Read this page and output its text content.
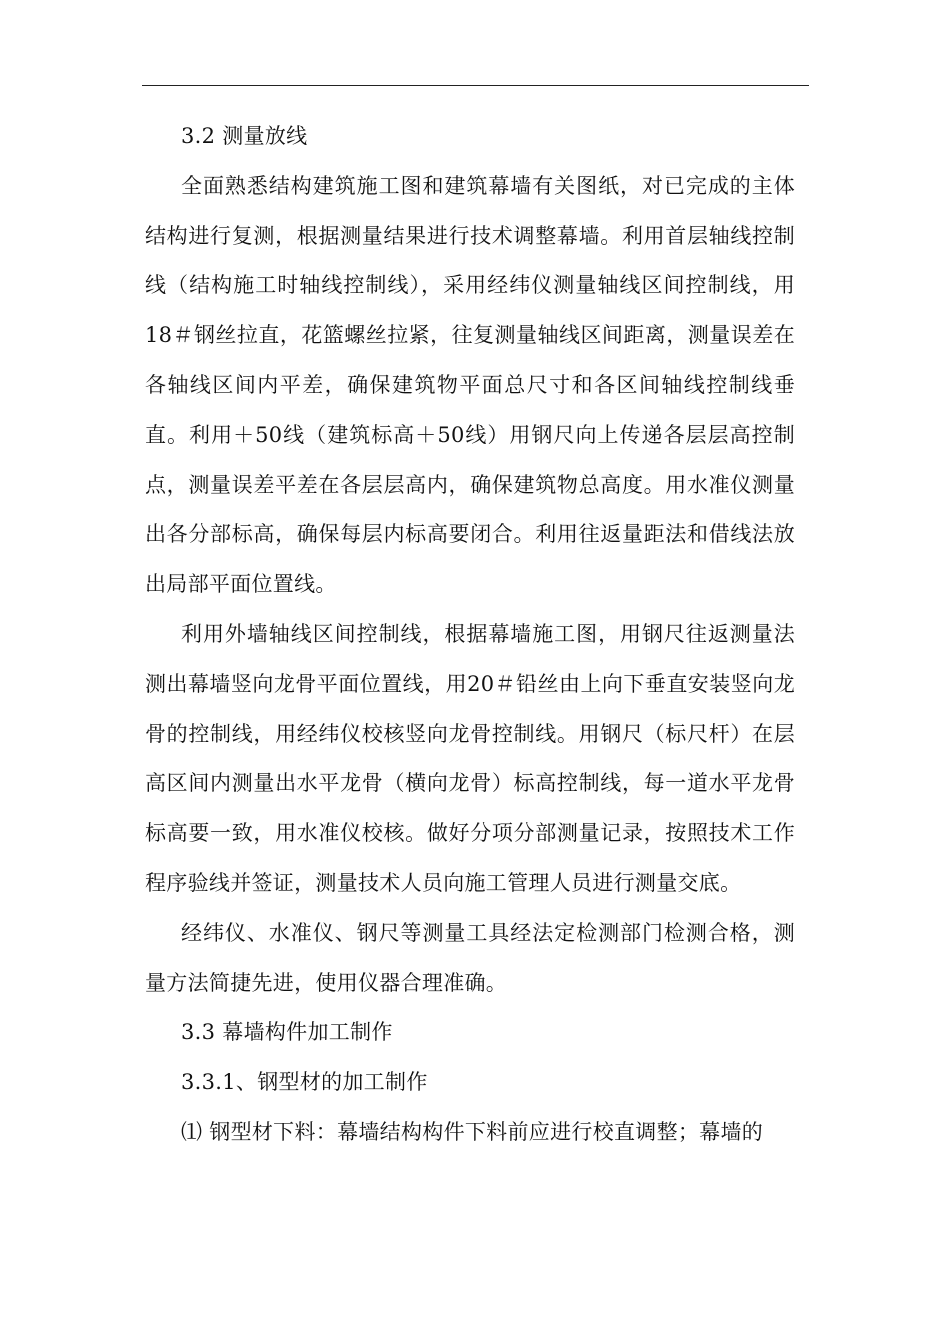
3.2 测量放线

全面熟悉结构建筑施工图和建筑幕墙有关图纸，对已完成的主体结构进行复测，根据测量结果进行技术调整幕墙。利用首层轴线控制线（结构施工时轴线控制线），采用经纬仪测量轴线区间控制线，用18＃钢丝拉直，花篮螺丝拉紧，往复测量轴线区间距离，测量误差在各轴线区间内平差，确保建筑物平面总尺寸和各区间轴线控制线垂直。利用＋50线（建筑标高＋50线）用钢尺向上传递各层层高控制点，测量误差平差在各层层高内，确保建筑物总高度。用水准仪测量出各分部标高，确保每层内标高要闭合。利用往返量距法和借线法放出局部平面位置线。

利用外墙轴线区间控制线，根据幕墙施工图，用钢尺往返测量法测出幕墙竖向龙骨平面位置线，用20＃铅丝由上向下垂直安装竖向龙骨的控制线，用经纬仪校核竖向龙骨控制线。用钢尺（标尺杆）在层高区间内测量出水平龙骨（横向龙骨）标高控制线，每一道水平龙骨标高要一致，用水准仪校核。做好分项分部测量记录，按照技术工作程序验线并签证，测量技术人员向施工管理人员进行测量交底。

经纬仪、水准仪、钢尺等测量工具经法定检测部门检测合格，测量方法简捷先进，使用仪器合理准确。

3.3 幕墙构件加工制作

3.3.1、钢型材的加工制作

⑴ 钢型材下料：幕墙结构构件下料前应进行校直调整；幕墙的
